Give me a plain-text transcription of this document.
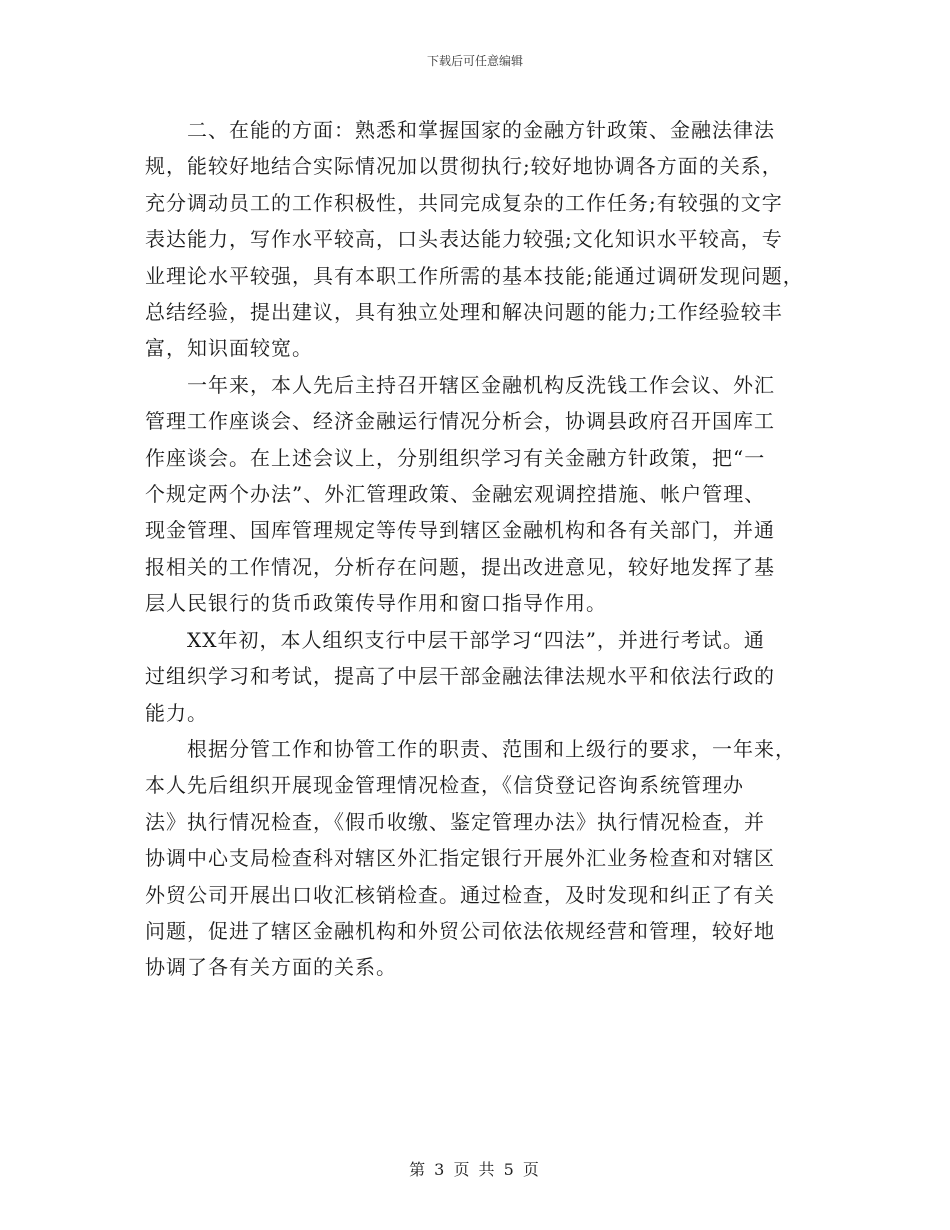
下载后可任意编辑

二、在能的方面：熟悉和掌握国家的金融方针政策、金融法律法
规，能较好地结合实际情况加以贯彻执行;较好地协调各方面的关系，
充分调动员工的工作积极性，共同完成复杂的工作任务;有较强的文字
表达能力，写作水平较高，口头表达能力较强;文化知识水平较高，专
业理论水平较强，具有本职工作所需的基本技能;能通过调研发现问题，
总结经验，提出建议，具有独立处理和解决问题的能力;工作经验较丰
富，知识面较宽。

一年来，本人先后主持召开辖区金融机构反洗钱工作会议、外汇
管理工作座谈会、经济金融运行情况分析会，协调县政府召开国库工
作座谈会。在上述会议上，分别组织学习有关金融方针政策，把“一
个规定两个办法”、外汇管理政策、金融宏观调控措施、帐户管理、
现金管理、国库管理规定等传导到辖区金融机构和各有关部门，并通
报相关的工作情况，分析存在问题，提出改进意见，较好地发挥了基
层人民银行的货币政策传导作用和窗口指导作用。

XX年初，本人组织支行中层干部学习“四法”，并进行考试。通
过组织学习和考试，提高了中层干部金融法律法规水平和依法行政的
能力。

根据分管工作和协管工作的职责、范围和上级行的要求，一年来，
本人先后组织开展现金管理情况检查，《信贷登记咨询系统管理办
法》执行情况检查，《假币收缴、鉴定管理办法》执行情况检查，并
协调中心支局检查科对辖区外汇指定银行开展外汇业务检查和对辖区
外贸公司开展出口收汇核销检查。通过检查，及时发现和纠正了有关
问题，促进了辖区金融机构和外贸公司依法依规经营和管理，较好地
协调了各有关方面的关系。

第 3 页 共 5 页
